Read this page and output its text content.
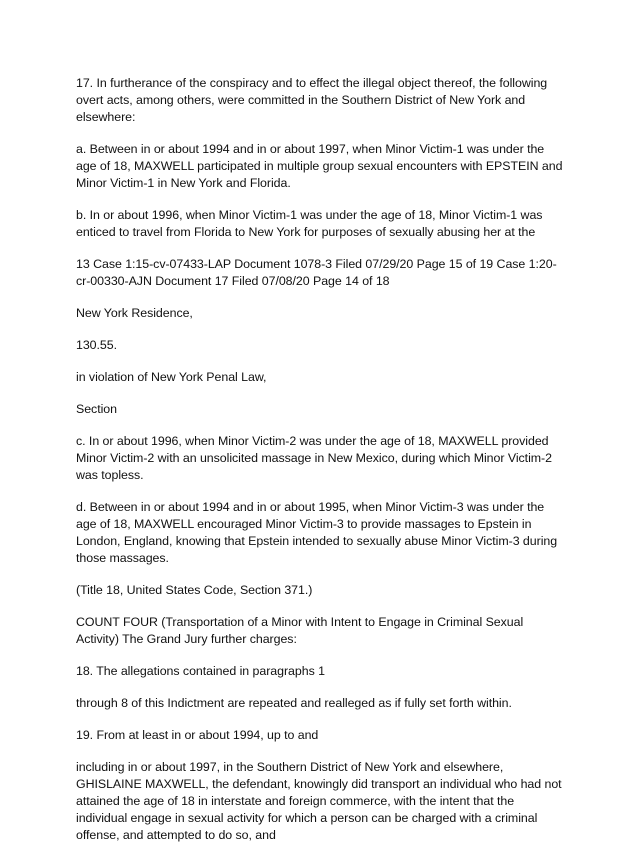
17. In furtherance of the conspiracy and to effect the illegal object thereof, the following overt acts, among others, were committed in the Southern District of New York and elsewhere:

a. Between in or about 1994 and in or about 1997, when Minor Victim-1 was under the age of 18, MAXWELL participated in multiple group sexual encounters with EPSTEIN and Minor Victim-1 in New York and Florida.

b. In or about 1996, when Minor Victim-1 was under the age of 18, Minor Victim-1 was enticed to travel from Florida to New York for purposes of sexually abusing her at the

13 Case 1:15-cv-07433-LAP Document 1078-3 Filed 07/29/20 Page 15 of 19 Case 1:20-cr-00330-AJN Document 17 Filed 07/08/20 Page 14 of 18

New York Residence,

130.55.

in violation of New York Penal Law,

Section

c. In or about 1996, when Minor Victim-2 was under the age of 18, MAXWELL provided Minor Victim-2 with an unsolicited massage in New Mexico, during which Minor Victim-2 was topless.

d. Between in or about 1994 and in or about 1995, when Minor Victim-3 was under the age of 18, MAXWELL encouraged Minor Victim-3 to provide massages to Epstein in London, England, knowing that Epstein intended to sexually abuse Minor Victim-3 during those massages.

(Title 18, United States Code, Section 371.)

COUNT FOUR (Transportation of a Minor with Intent to Engage in Criminal Sexual Activity) The Grand Jury further charges:

18. The allegations contained in paragraphs 1

through 8 of this Indictment are repeated and realleged as if fully set forth within.

19. From at least in or about 1994, up to and

including in or about 1997, in the Southern District of New York and elsewhere, GHISLAINE MAXWELL, the defendant, knowingly did transport an individual who had not attained the age of 18 in interstate and foreign commerce, with the intent that the individual engage in sexual activity for which a person can be charged with a criminal offense, and attempted to do so, and
